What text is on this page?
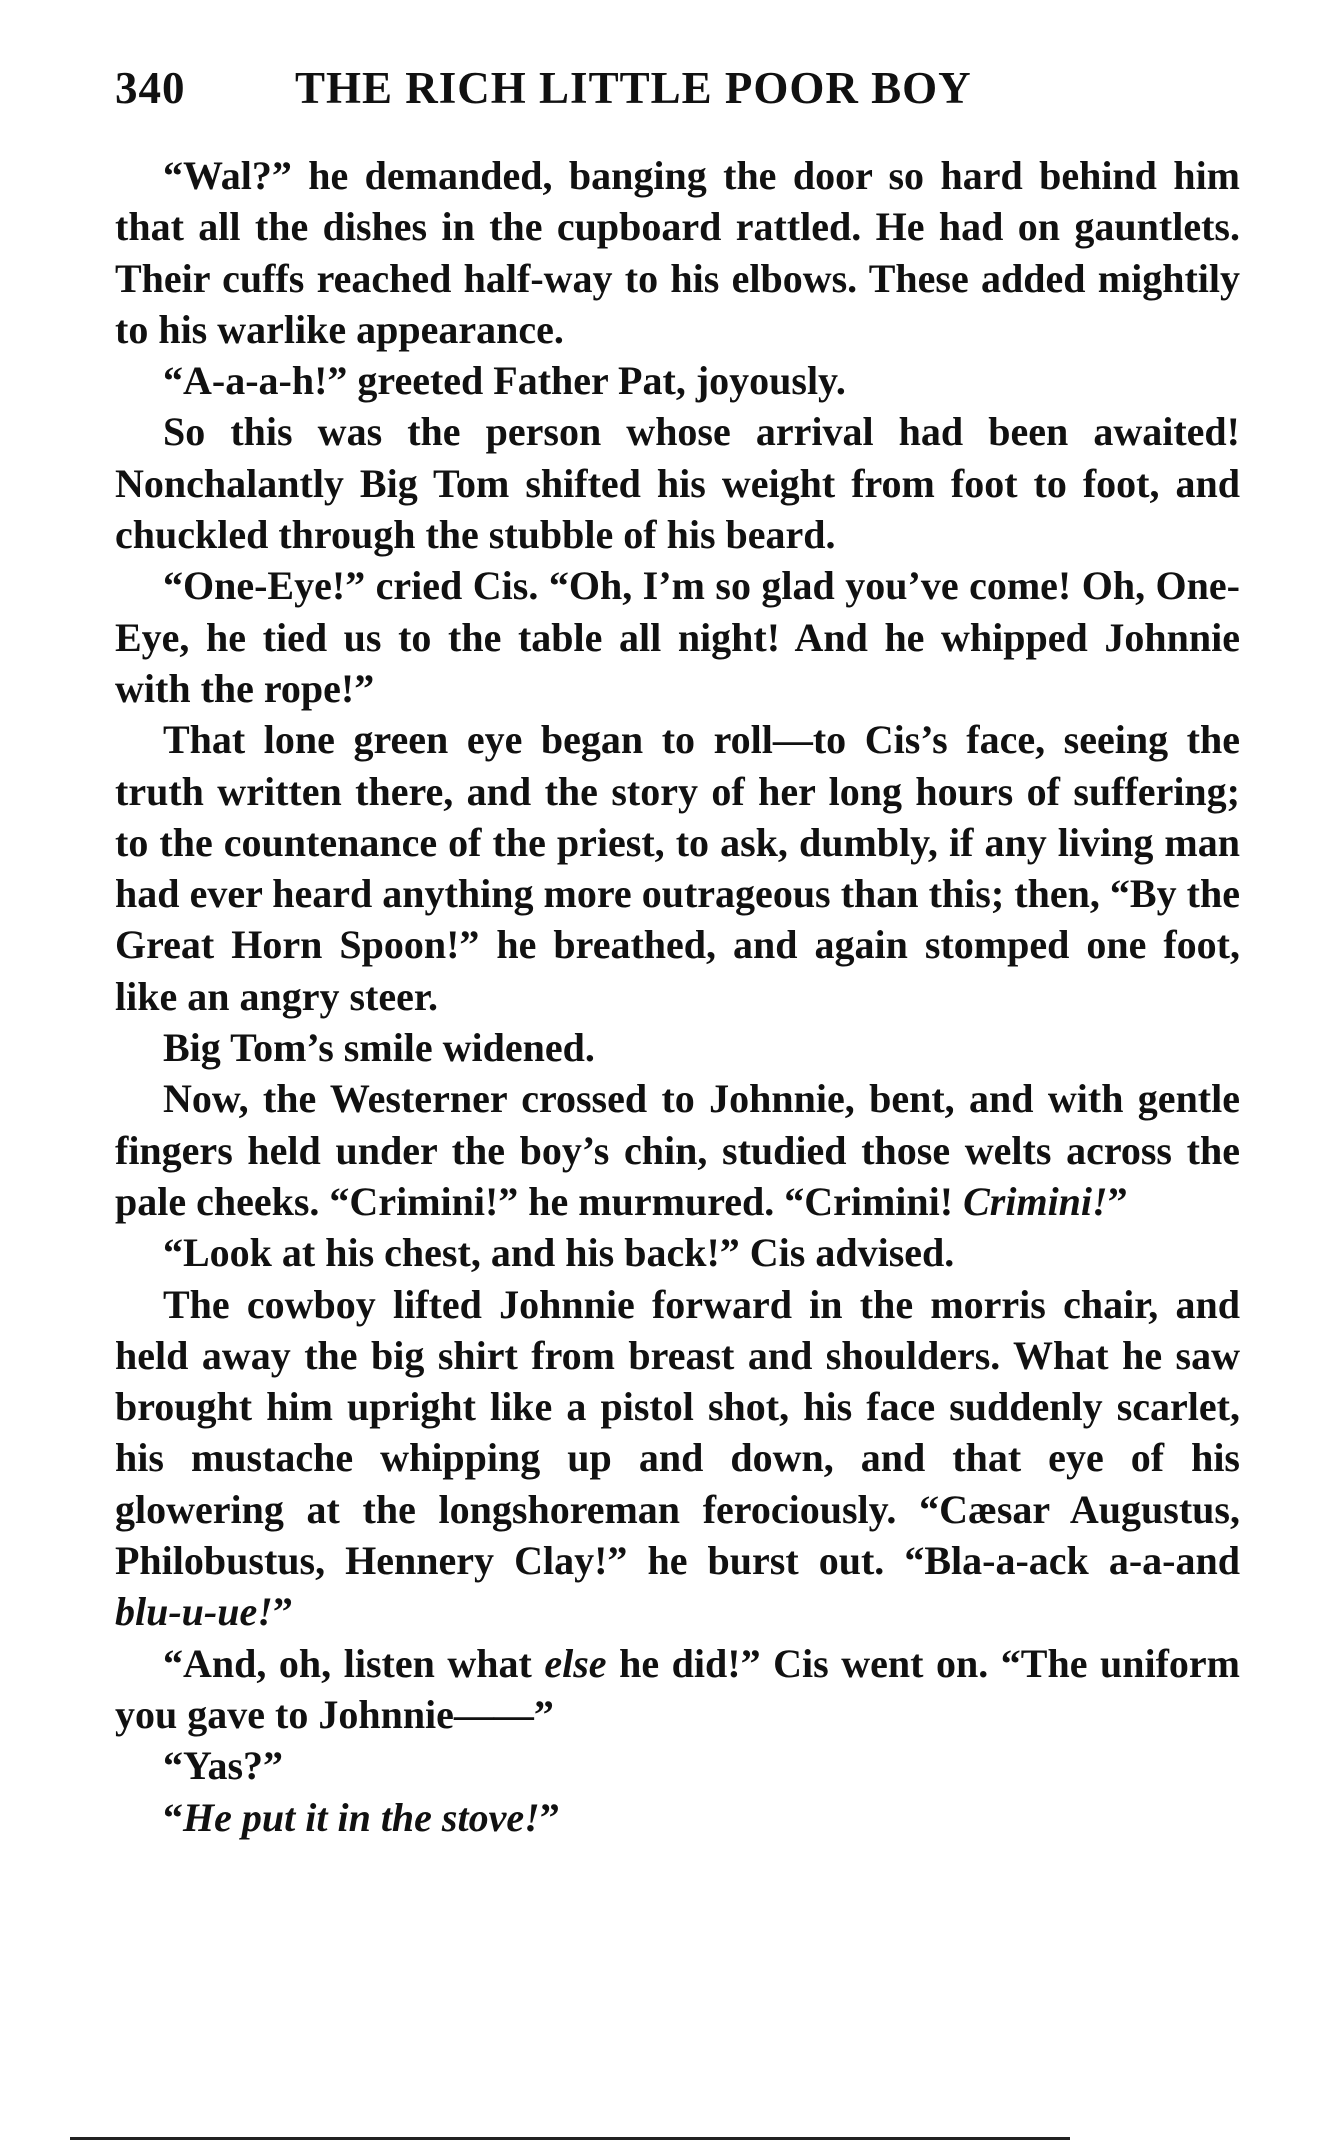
340 THE RICH LITTLE POOR BOY

“Wal?” he demanded, banging the door so hard behind him that all the dishes in the cupboard rattled. He had on gauntlets. Their cuffs reached half-way to his elbows. These added mightily to his warlike appearance.

“A-a-a-h!” greeted Father Pat, joyously.

So this was the person whose arrival had been awaited! Nonchalantly Big Tom shifted his weight from foot to foot, and chuckled through the stubble of his beard.

“One-Eye!” cried Cis. “Oh, I’m so glad you’ve come! Oh, One-Eye, he tied us to the table all night! And he whipped Johnnie with the rope!”

That lone green eye began to roll—to Cis’s face, seeing the truth written there, and the story of her long hours of suffering; to the countenance of the priest, to ask, dumbly, if any living man had ever heard anything more outrageous than this; then, “By the Great Horn Spoon!” he breathed, and again stomped one foot, like an angry steer.

Big Tom’s smile widened.

Now, the Westerner crossed to Johnnie, bent, and with gentle fingers held under the boy’s chin, studied those welts across the pale cheeks. “Crimini!” he murmured. “Crimini! Crimini!”

“Look at his chest, and his back!” Cis advised.

The cowboy lifted Johnnie forward in the morris chair, and held away the big shirt from breast and shoulders. What he saw brought him upright like a pistol shot, his face suddenly scarlet, his mustache whipping up and down, and that eye of his glowering at the longshoreman ferociously. “Cæsar Augustus, Philobustus, Hennery Clay!” he burst out. “Bla-a-ack a-a-and blu-u-ue!”

“And, oh, listen what else he did!” Cis went on. “The uniform you gave to Johnnie——”

“Yas?”

“He put it in the stove!”
